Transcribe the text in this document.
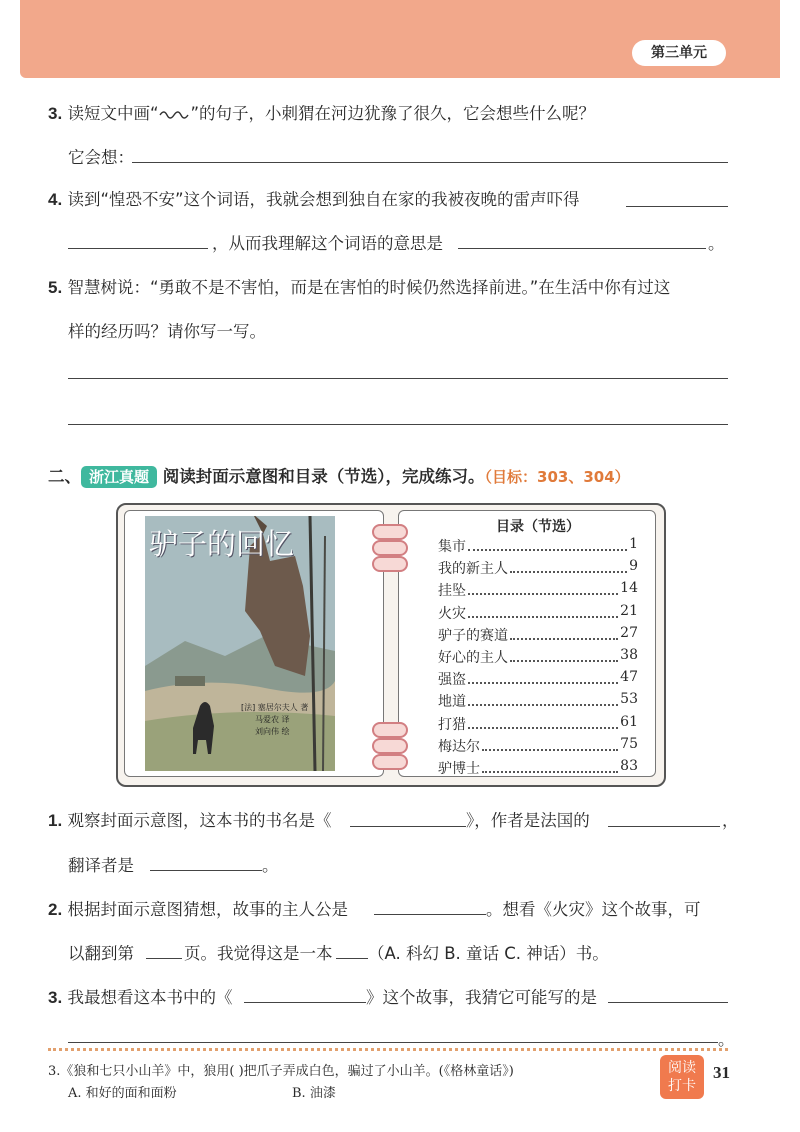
第三单元
3. 读短文中画“ ”的句子，小刺猬在河边犹豫了很久，它会想些什么呢？
它会想：
4. 读到“惶恐不安”这个词语，我就会想到独自在家的我被夜晚的雷声吓得
，从而我理解这个词语的意思是	。
5. 智慧树说：“勇敢不是不害怕，而是在害怕的时候仍然选择前进。”在生活中你有过这
样的经历吗？请你写一写。
二、 浙江真题 阅读封面示意图和目录（节选），完成练习。（目标：303、304）
驴子的回忆
[法] 塞居尔夫人 著
马爱农 译
刘向伟 绘
目录（节选）
集市	1
我的新主人	9
挂坠	14
火灾	21
驴子的赛道	27
好心的主人	38
强盗	47
地道	53
打猎	61
梅达尔	75
驴博士	83
1. 观察封面示意图，这本书的书名是《	》，作者是法国的	，
翻译者是	。
2. 根据封面示意图猜想，故事的主人公是	。想看《火灾》这个故事，可
以翻到第	页。我觉得这是一本 （A. 科幻 B. 童话 C. 神话）书。
3. 我最想看这本书中的《	》这个故事，我猜它可能写的是
。
3.《狼和七只小山羊》中，狼用( )把爪子弄成白色，骗过了小山羊。(《格林童话》)
A. 和好的面和面粉	B. 油漆
阅读
打卡
31
